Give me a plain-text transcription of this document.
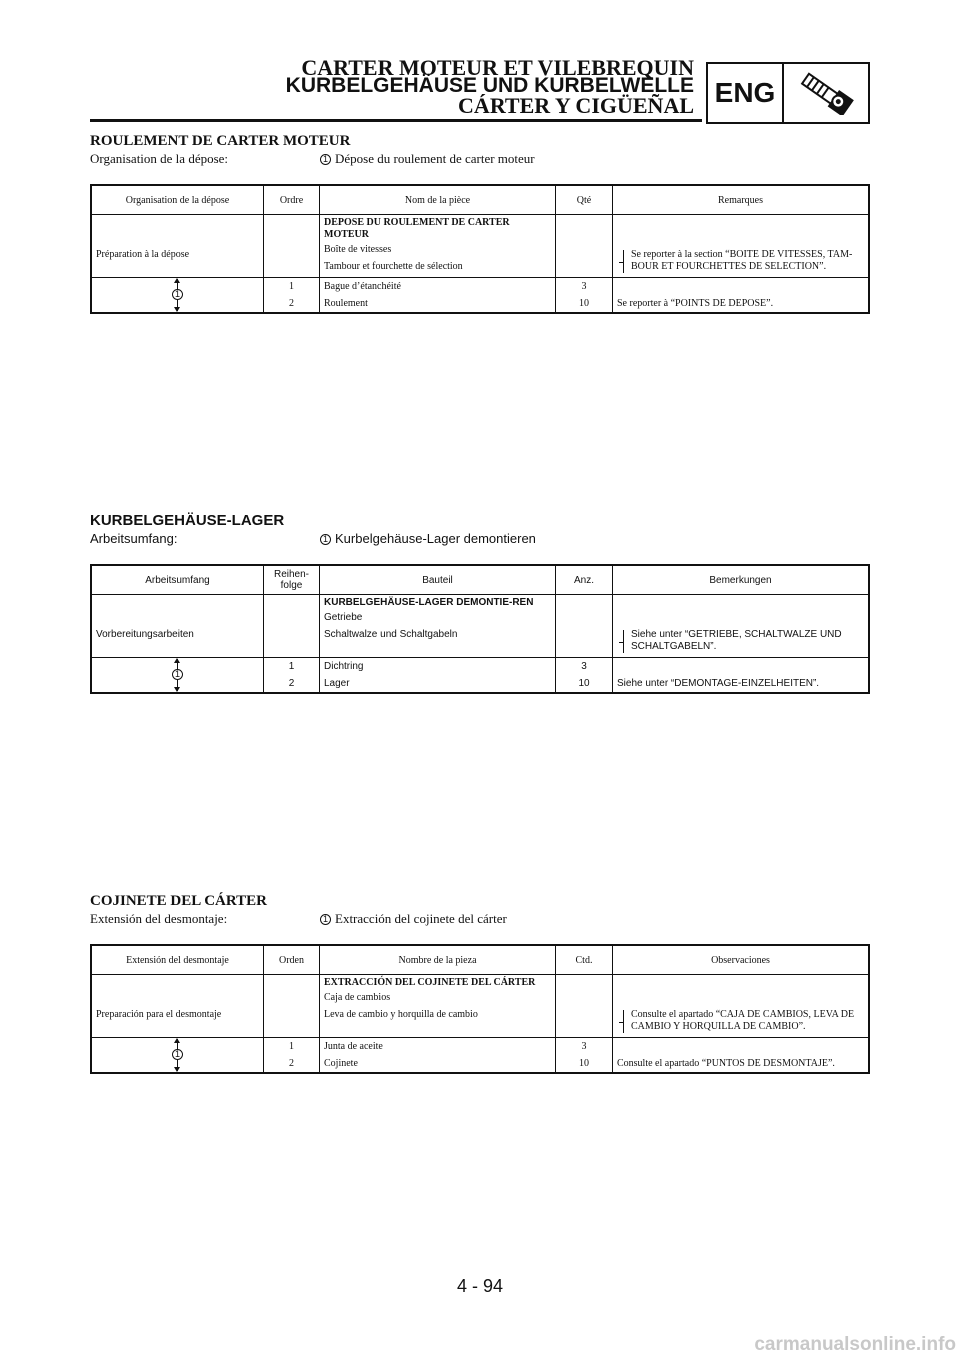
CARTER MOTEUR ET VILEBREQUIN
KURBELGEHÄUSE UND KURBELWELLE
CÁRTER Y CIGÜEÑAL ENG
ROULEMENT DE CARTER MOTEUR
Organisation de la dépose:	1 Dépose du roulement de carter moteur
Organisation de la dépose	Ordre	Nom de la pièce	Qté	Remarques
Préparation à la dépose		DEPOSE DU ROULEMENT DE CARTER MOTEUR
Boîte de vitesses
Tambour et fourchette de sélection		Se reporter à la section “BOITE DE VITESSES, TAM-BOUR ET FOURCHETTES DE SELECTION”.

1	1	Bague d’étanchéité	3	
	2	Roulement	10	Se reporter à “POINTS DE DEPOSE”.
KURBELGEHÄUSE-LAGER
Arbeitsumfang:	1 Kurbelgehäuse-Lager demontieren
Arbeitsumfang	Reihen-folge	Bauteil	Anz.	Bemerkungen
Vorbereitungsarbeiten		KURBELGEHÄUSE-LAGER DEMONTIE-REN
Getriebe
Schaltwalze und Schaltgabeln		Siehe unter “GETRIEBE, SCHALTWALZE UND SCHALTGABELN”.

1	1	Dichtring	3	
	2	Lager	10	Siehe unter “DEMONTAGE-EINZELHEITEN”.
COJINETE DEL CÁRTER
Extensión del desmontaje:	1 Extracción del cojinete del cárter
Extensión del desmontaje	Orden	Nombre de la pieza	Ctd.	Observaciones
Preparación para el desmontaje		EXTRACCIÓN DEL COJINETE DEL CÁRTER
Caja de cambios
Leva de cambio y horquilla de cambio		Consulte el apartado “CAJA DE CAMBIOS, LEVA DE CAMBIO Y HORQUILLA DE CAMBIO”.

1	1	Junta de aceite	3	
	2	Cojinete	10	Consulte el apartado “PUNTOS DE DESMONTAJE”.
4 - 94
carmanualsonline.info
